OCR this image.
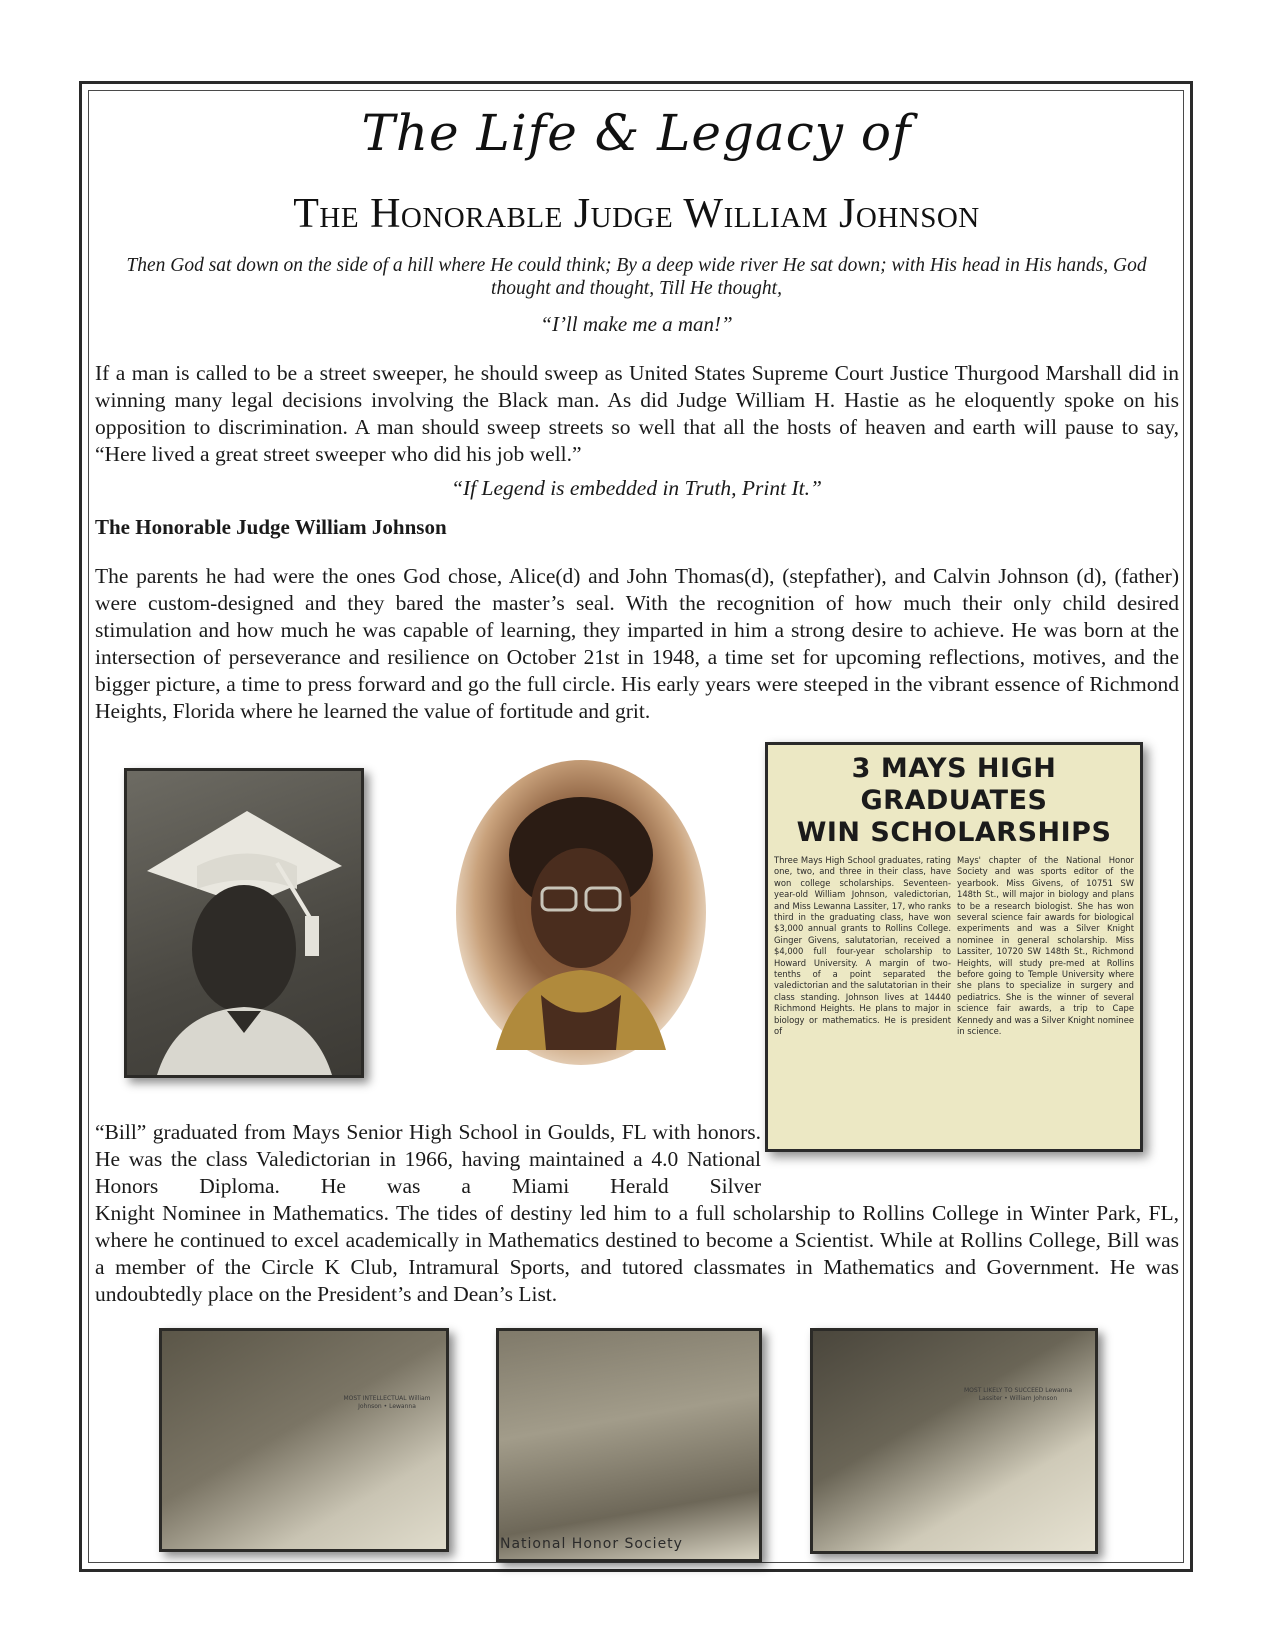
The Life & Legacy of
The Honorable Judge William Johnson
Then God sat down on the side of a hill where He could think; By a deep wide river He sat down; with His head in His hands, God thought and thought, Till He thought,
“I’ll make me a man!”

If a man is called to be a street sweeper, he should sweep as United States Supreme Court Justice Thurgood Marshall did in winning many legal decisions involving the Black man. As did Judge William H. Hastie as he eloquently spoke on his opposition to discrimination. A man should sweep streets so well that all the hosts of heaven and earth will pause to say, “Here lived a great street sweeper who did his job well.”

“If Legend is embedded in Truth, Print It.”
The Honorable Judge William Johnson

The parents he had were the ones God chose, Alice(d) and John Thomas(d), (stepfather), and Calvin Johnson (d), (father) were custom-designed and they bared the master’s seal. With the recognition of how much their only child desired stimulation and how much he was capable of learning, they imparted in him a strong desire to achieve. He was born at the intersection of perseverance and resilience on October 21st in 1948, a time set for upcoming reflections, motives, and the bigger picture, a time to press forward and go the full circle. His early years were steeped in the vibrant essence of Richmond Heights, Florida where he learned the value of fortitude and grit.

3 MAYS HIGH GRADUATES
WIN SCHOLARSHIPS
Three Mays High School graduates, rating one, two, and three in their class, have won college scholarships. Seventeen-year-old William Johnson, valedictorian, and Miss Lewanna Lassiter, 17, who ranks third in the graduating class, have won $3,000 annual grants to Rollins College. Ginger Givens, salutatorian, received a $4,000 full four-year scholarship to Howard University. A margin of two-tenths of a point separated the valedictorian and the salutatorian in their class standing. Johnson lives at 14440 Richmond Heights. He plans to major in biology or mathematics. He is president of
Mays' chapter of the National Honor Society and was sports editor of the yearbook. Miss Givens, of 10751 SW 148th St., will major in biology and plans to be a research biologist. She has won several science fair awards for biological experiments and was a Silver Knight nominee in general scholarship. Miss Lassiter, 10720 SW 148th St., Richmond Heights, will study pre-med at Rollins before going to Temple University where she plans to specialize in surgery and pediatrics. She is the winner of several science fair awards, a trip to Cape Kennedy and was a Silver Knight nominee in science.

“Bill” graduated from Mays Senior High School in Goulds, FL with honors. He was the class Valedictorian in 1966, having maintained a 4.0 National Honors Diploma. He was a Miami Herald Silver

Knight Nominee in Mathematics. The tides of destiny led him to a full scholarship to Rollins College in Winter Park, FL, where he continued to excel academically in Mathematics destined to become a Scientist. While at Rollins College, Bill was a member of the Circle K Club, Intramural Sports, and tutored classmates in Mathematics and Government. He was undoubtedly place on the President’s and Dean’s List.

MOST INTELLECTUAL William Johnson • Lewanna
National Honor Society
MOST LIKELY TO SUCCEED Lewanna Lassiter • William Johnson
